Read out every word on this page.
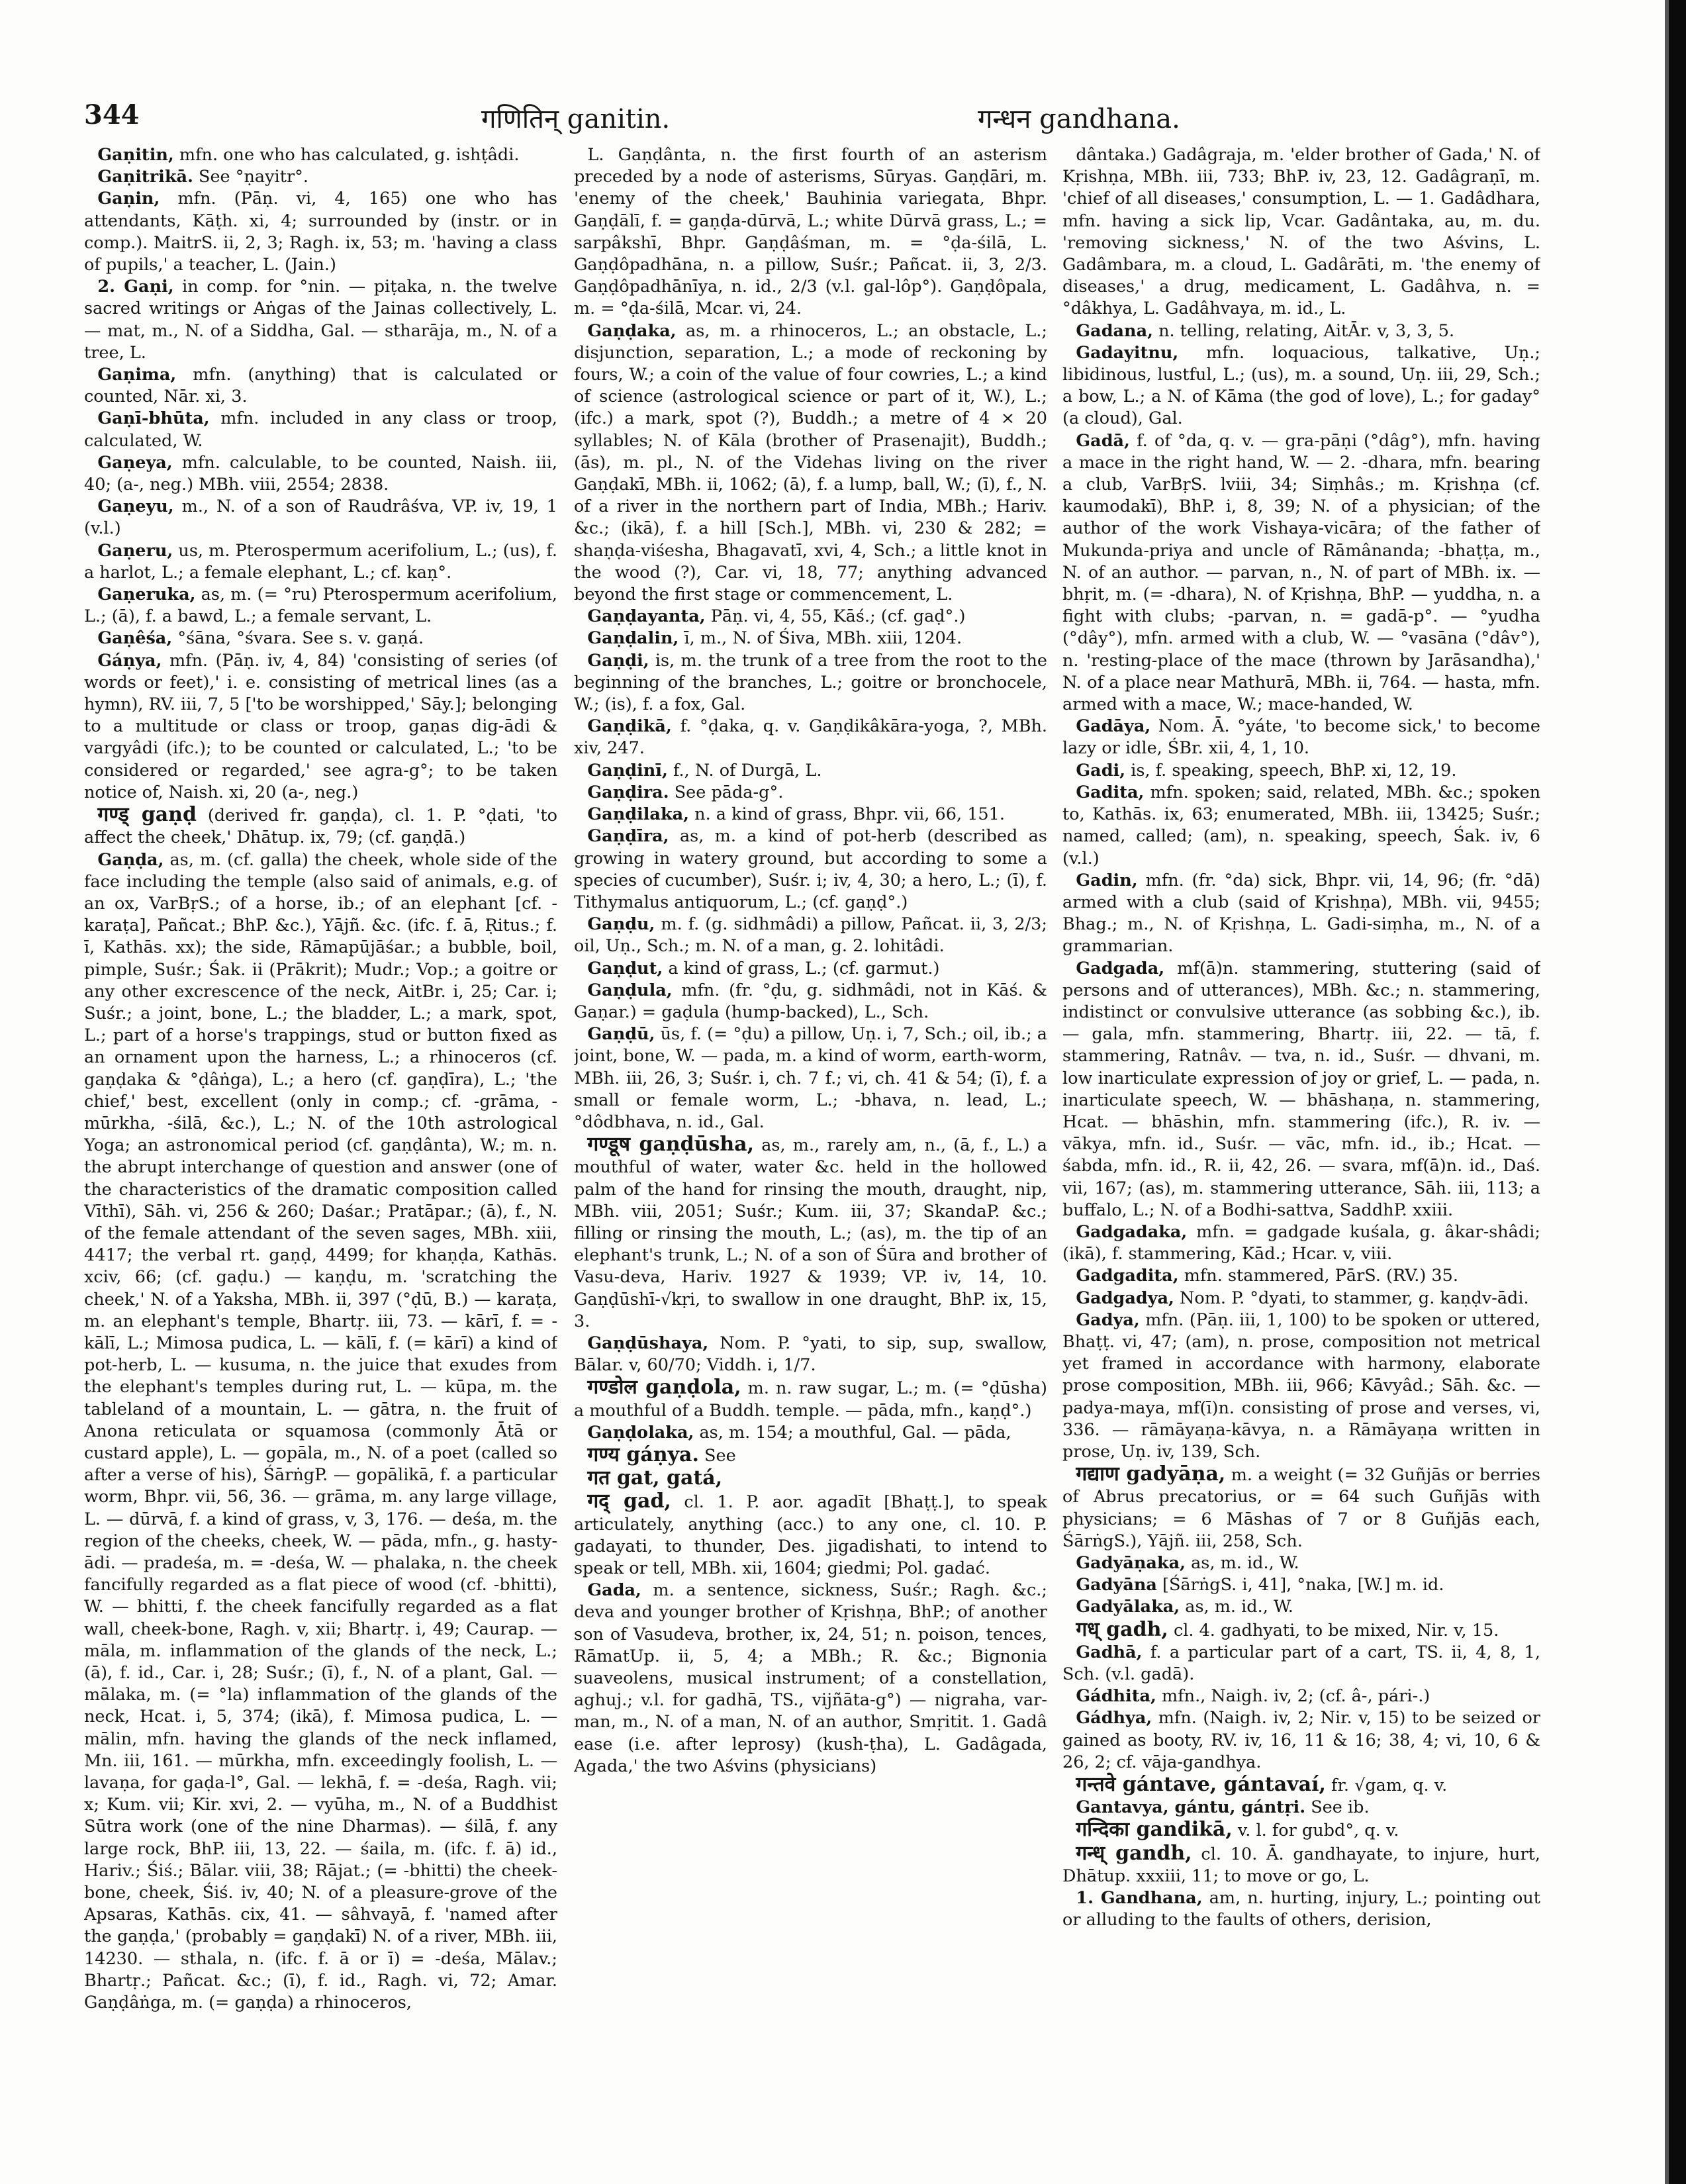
344	गणितिन् ganitin.	गन्धन gandhana.

Gaṇitin, mfn. one who has calculated, g. ishṭâdi.

Gaṇitrikā. See °ṇayitr°.

Gaṇin, mfn. (Pāṇ. vi, 4, 165) one who has attendants, Kāṭh. xi, 4; surrounded by (instr. or in comp.). MaitrS. ii, 2, 3; Ragh. ix, 53; m. 'having a class of pupils,' a teacher, L. (Jain.)

2. Gaṇi, in comp. for °nin. — piṭaka, n. the twelve sacred writings or Aṅgas of the Jainas collectively, L. — mat, m., N. of a Siddha, Gal. — stharāja, m., N. of a tree, L.

Gaṇima, mfn. (anything) that is calculated or counted, Nār. xi, 3.

Gaṇī-bhūta, mfn. included in any class or troop, calculated, W.

Gaṇeya, mfn. calculable, to be counted, Naish. iii, 40; (a-, neg.) MBh. viii, 2554; 2838.

Gaṇeyu, m., N. of a son of Raudrâśva, VP. iv, 19, 1 (v.l.)

Gaṇeru, us, m. Pterospermum acerifolium, L.; (us), f. a harlot, L.; a female elephant, L.; cf. kaṇ°.

Gaṇeruka, as, m. (= °ru) Pterospermum acerifolium, L.; (ā), f. a bawd, L.; a female servant, L.

Gaṇêśa, °śāna, °śvara. See s. v. gaṇá.

Gáṇya, mfn. (Pāṇ. iv, 4, 84) 'consisting of series (of words or feet),' i. e. consisting of metrical lines (as a hymn), RV. iii, 7, 5 ['to be worshipped,' Sāy.]; belonging to a multitude or class or troop, gaṇas dig-ādi & vargyâdi (ifc.); to be counted or calculated, L.; 'to be considered or regarded,' see agra-g°; to be taken notice of, Naish. xi, 20 (a-, neg.)

गण्ड् gaṇḍ (derived fr. gaṇḍa), cl. 1. P. °ḍati, 'to affect the cheek,' Dhātup. ix, 79; (cf. gaṇḍā.)

Gaṇḍa, as, m. (cf. galla) the cheek, whole side of the face including the temple (also said of animals, e.g. of an ox, VarBṛS.; of a horse, ib.; of an elephant [cf. -karaṭa], Pañcat.; BhP. &c.), Yājñ. &c. (ifc. f. ā, Ṛitus.; f. ī, Kathās. xx); the side, Rāmapūjāśar.; a bubble, boil, pimple, Suśr.; Śak. ii (Prākrit); Mudr.; Vop.; a goitre or any other excrescence of the neck, AitBr. i, 25; Car. i; Suśr.; a joint, bone, L.; the bladder, L.; a mark, spot, L.; part of a horse's trappings, stud or button fixed as an ornament upon the harness, L.; a rhinoceros (cf. gaṇḍaka & °ḍâṅga), L.; a hero (cf. gaṇḍīra), L.; 'the chief,' best, excellent (only in comp.; cf. -grāma, -mūrkha, -śilā, &c.), L.; N. of the 10th astrological Yoga; an astronomical period (cf. gaṇḍânta), W.; m. n. the abrupt interchange of question and answer (one of the characteristics of the dramatic composition called Vīthī), Sāh. vi, 256 & 260; Daśar.; Pratāpar.; (ā), f., N. of the female attendant of the seven sages, MBh. xiii, 4417; the verbal rt. gaṇḍ, 4499; for khaṇḍa, Kathās. xciv, 66; (cf. gaḍu.) — kaṇḍu, m. 'scratching the cheek,' N. of a Yaksha, MBh. ii, 397 (°ḍū, B.) — karaṭa, m. an elephant's temple, Bhartṛ. iii, 73. — kārī, f. = -kālī, L.; Mimosa pudica, L. — kālī, f. (= kārī) a kind of pot-herb, L. — kusuma, n. the juice that exudes from the elephant's temples during rut, L. — kūpa, m. the tableland of a mountain, L. — gātra, n. the fruit of Anona reticulata or squamosa (commonly Ātā or custard apple), L. — gopāla, m., N. of a poet (called so after a verse of his), ŚārṅgP. — gopālikā, f. a particular worm, Bhpr. vii, 56, 36. — grāma, m. any large village, L. — dūrvā, f. a kind of grass, v, 3, 176. — deśa, m. the region of the cheeks, cheek, W. — pāda, mfn., g. hasty-ādi. — pradeśa, m. = -deśa, W. — phalaka, n. the cheek fancifully regarded as a flat piece of wood (cf. -bhitti), W. — bhitti, f. the cheek fancifully regarded as a flat wall, cheek-bone, Ragh. v, xii; Bhartṛ. i, 49; Caurap. — māla, m. inflammation of the glands of the neck, L.; (ā), f. id., Car. i, 28; Suśr.; (ī), f., N. of a plant, Gal. — mālaka, m. (= °la) inflammation of the glands of the neck, Hcat. i, 5, 374; (ikā), f. Mimosa pudica, L. — mālin, mfn. having the glands of the neck inflamed, Mn. iii, 161. — mūrkha, mfn. exceedingly foolish, L. — lavaṇa, for gaḍa-l°, Gal. — lekhā, f. = -deśa, Ragh. vii; x; Kum. vii; Kir. xvi, 2. — vyūha, m., N. of a Buddhist Sūtra work (one of the nine Dharmas). — śilā, f. any large rock, BhP. iii, 13, 22. — śaila, m. (ifc. f. ā) id., Hariv.; Śiś.; Bālar. viii, 38; Rājat.; (= -bhitti) the cheek-bone, cheek, Śiś. iv, 40; N. of a pleasure-grove of the Apsaras, Kathās. cix, 41. — sâhvayā, f. 'named after the gaṇḍa,' (probably = gaṇḍakī) N. of a river, MBh. iii, 14230. — sthala, n. (ifc. f. ā or ī) = -deśa, Mālav.; Bhartṛ.; Pañcat. &c.; (ī), f. id., Ragh. vi, 72; Amar. Gaṇḍâṅga, m. (= gaṇḍa) a rhinoceros,

L. Gaṇḍânta, n. the first fourth of an asterism preceded by a node of asterisms, Sūryas. Gaṇḍāri, m. 'enemy of the cheek,' Bauhinia variegata, Bhpr. Gaṇḍālī, f. = gaṇḍa-dūrvā, L.; white Dūrvā grass, L.; = sarpâkshī, Bhpr. Gaṇḍâśman, m. = °ḍa-śilā, L. Gaṇḍôpadhāna, n. a pillow, Suśr.; Pañcat. ii, 3, 2/3. Gaṇḍôpadhānīya, n. id., 2/3 (v.l. gal-lôp°). Gaṇḍôpala, m. = °ḍa-śilā, Mcar. vi, 24.

Gaṇḍaka, as, m. a rhinoceros, L.; an obstacle, L.; disjunction, separation, L.; a mode of reckoning by fours, W.; a coin of the value of four cowries, L.; a kind of science (astrological science or part of it, W.), L.; (ifc.) a mark, spot (?), Buddh.; a metre of 4 × 20 syllables; N. of Kāla (brother of Prasenajit), Buddh.; (ās), m. pl., N. of the Videhas living on the river Gaṇḍakī, MBh. ii, 1062; (ā), f. a lump, ball, W.; (ī), f., N. of a river in the northern part of India, MBh.; Hariv. &c.; (ikā), f. a hill [Sch.], MBh. vi, 230 & 282; = shaṇḍa-viśesha, Bhagavatī, xvi, 4, Sch.; a little knot in the wood (?), Car. vi, 18, 77; anything advanced beyond the first stage or commencement, L.

Gaṇḍayanta, Pāṇ. vi, 4, 55, Kāś.; (cf. gaḍ°.)

Gaṇḍalin, ī, m., N. of Śiva, MBh. xiii, 1204.

Gaṇḍi, is, m. the trunk of a tree from the root to the beginning of the branches, L.; goitre or bronchocele, W.; (is), f. a fox, Gal.

Gaṇḍikā, f. °ḍaka, q. v. Gaṇḍikâkāra-yoga, ?, MBh. xiv, 247.

Gaṇḍinī, f., N. of Durgā, L.

Gaṇḍira. See pāda-g°.

Gaṇḍilaka, n. a kind of grass, Bhpr. vii, 66, 151.

Gaṇḍīra, as, m. a kind of pot-herb (described as growing in watery ground, but according to some a species of cucumber), Suśr. i; iv, 4, 30; a hero, L.; (ī), f. Tithymalus antiquorum, L.; (cf. gaṇḍ°.)

Gaṇḍu, m. f. (g. sidhmâdi) a pillow, Pañcat. ii, 3, 2/3; oil, Uṇ., Sch.; m. N. of a man, g. 2. lohitâdi.

Gaṇḍut, a kind of grass, L.; (cf. garmut.)

Gaṇḍula, mfn. (fr. °ḍu, g. sidhmâdi, not in Kāś. & Gaṇar.) = gaḍula (hump-backed), L., Sch.

Gaṇḍū, ūs, f. (= °ḍu) a pillow, Uṇ. i, 7, Sch.; oil, ib.; a joint, bone, W. — pada, m. a kind of worm, earth-worm, MBh. iii, 26, 3; Suśr. i, ch. 7 f.; vi, ch. 41 & 54; (ī), f. a small or female worm, L.; -bhava, n. lead, L.; °dôdbhava, n. id., Gal.

गण्डूष gaṇḍūsha, as, m., rarely am, n., (ā, f., L.) a mouthful of water, water &c. held in the hollowed palm of the hand for rinsing the mouth, draught, nip, MBh. viii, 2051; Suśr.; Kum. iii, 37; SkandaP. &c.; filling or rinsing the mouth, L.; (as), m. the tip of an elephant's trunk, L.; N. of a son of Śūra and brother of Vasu-deva, Hariv. 1927 & 1939; VP. iv, 14, 10. Gaṇḍūshī-√kṛi, to swallow in one draught, BhP. ix, 15, 3.

Gaṇḍūshaya, Nom. P. °yati, to sip, sup, swallow, Bālar. v, 60/70; Viddh. i, 1/7.

गण्डोल gaṇḍola, m. n. raw sugar, L.; m. (= °ḍūsha) a mouthful of a Buddh. temple. — pāda, mfn., kaṇḍ°.)

Gaṇḍolaka, as, m. 154; a mouthful, Gal. — pāda,

गण्य gáṇya. See

गत gat, gatá,

गद् gad, cl. 1. P. aor. agadīt [Bhaṭṭ.], to speak articulately, anything (acc.) to any one, cl. 10. P. gadayati, to thunder, Des. jigadishati, to intend to speak or tell, MBh. xii, 1604; giedmi; Pol. gadać.

Gada, m. a sentence, sickness, Suśr.; Ragh. &c.; deva and younger brother of Kṛishṇa, BhP.; of another son of Vasudeva, brother, ix, 24, 51; n. poison, tences, RāmatUp. ii, 5, 4; a MBh.; R. &c.; Bignonia suaveolens, musical instrument; of a constellation, aghuj.; v.l. for gadhā, TS., vijñāta-g°) — nigraha, var-man, m., N. of a man, N. of an author, Smṛitit. 1. Gadâ ease (i.e. after leprosy) (kush-ṭha), L. Gadâgada, Agada,' the two Aśvins (physicians)

dântaka.) Gadâgraja, m. 'elder brother of Gada,' N. of Kṛishṇa, MBh. iii, 733; BhP. iv, 23, 12. Gadâgraṇī, m. 'chief of all diseases,' consumption, L. — 1. Gadâdhara, mfn. having a sick lip, Vcar. Gadântaka, au, m. du. 'removing sickness,' N. of the two Aśvins, L. Gadâmbara, m. a cloud, L. Gadârāti, m. 'the enemy of diseases,' a drug, medicament, L. Gadâhva, n. = °dâkhya, L. Gadâhvaya, m. id., L.

Gadana, n. telling, relating, AitĀr. v, 3, 3, 5.

Gadayitnu, mfn. loquacious, talkative, Uṇ.; libidinous, lustful, L.; (us), m. a sound, Uṇ. iii, 29, Sch.; a bow, L.; a N. of Kāma (the god of love), L.; for gaday° (a cloud), Gal.

Gadā, f. of °da, q. v. — gra-pāṇi (°dâg°), mfn. having a mace in the right hand, W. — 2. -dhara, mfn. bearing a club, VarBṛS. lviii, 34; Siṃhâs.; m. Kṛishṇa (cf. kaumodakī), BhP. i, 8, 39; N. of a physician; of the author of the work Vishaya-vicāra; of the father of Mukunda-priya and uncle of Rāmânanda; -bhaṭṭa, m., N. of an author. — parvan, n., N. of part of MBh. ix. — bhṛit, m. (= -dhara), N. of Kṛishṇa, BhP. — yuddha, n. a fight with clubs; -parvan, n. = gadā-p°. — °yudha (°dây°), mfn. armed with a club, W. — °vasāna (°dâv°), n. 'resting-place of the mace (thrown by Jarāsandha),' N. of a place near Mathurā, MBh. ii, 764. — hasta, mfn. armed with a mace, W.; mace-handed, W.

Gadāya, Nom. Ā. °yáte, 'to become sick,' to become lazy or idle, ŚBr. xii, 4, 1, 10.

Gadi, is, f. speaking, speech, BhP. xi, 12, 19.

Gadita, mfn. spoken; said, related, MBh. &c.; spoken to, Kathās. ix, 63; enumerated, MBh. iii, 13425; Suśr.; named, called; (am), n. speaking, speech, Śak. iv, 6 (v.l.)

Gadin, mfn. (fr. °da) sick, Bhpr. vii, 14, 96; (fr. °dā) armed with a club (said of Kṛishṇa), MBh. vii, 9455; Bhag.; m., N. of Kṛishṇa, L. Gadi-siṃha, m., N. of a grammarian.

Gadgada, mf(ā)n. stammering, stuttering (said of persons and of utterances), MBh. &c.; n. stammering, indistinct or convulsive utterance (as sobbing &c.), ib. — gala, mfn. stammering, Bhartṛ. iii, 22. — tā, f. stammering, Ratnâv. — tva, n. id., Suśr. — dhvani, m. low inarticulate expression of joy or grief, L. — pada, n. inarticulate speech, W. — bhāshaṇa, n. stammering, Hcat. — bhāshin, mfn. stammering (ifc.), R. iv. — vākya, mfn. id., Suśr. — vāc, mfn. id., ib.; Hcat. — śabda, mfn. id., R. ii, 42, 26. — svara, mf(ā)n. id., Daś. vii, 167; (as), m. stammering utterance, Sāh. iii, 113; a buffalo, L.; N. of a Bodhi-sattva, SaddhP. xxiii.

Gadgadaka, mfn. = gadgade kuśala, g. âkar-shâdi; (ikā), f. stammering, Kād.; Hcar. v, viii.

Gadgadita, mfn. stammered, PārS. (RV.) 35.

Gadgadya, Nom. P. °dyati, to stammer, g. kaṇḍv-ādi.

Gadya, mfn. (Pāṇ. iii, 1, 100) to be spoken or uttered, Bhaṭṭ. vi, 47; (am), n. prose, composition not metrical yet framed in accordance with harmony, elaborate prose composition, MBh. iii, 966; Kāvyâd.; Sāh. &c. — padya-maya, mf(ī)n. consisting of prose and verses, vi, 336. — rāmāyaṇa-kāvya, n. a Rāmāyaṇa written in prose, Uṇ. iv, 139, Sch.

गद्याण gadyāṇa, m. a weight (= 32 Guñjās or berries of Abrus precatorius, or = 64 such Guñjās with physicians; = 6 Māshas of 7 or 8 Guñjās each, ŚārṅgS.), Yājñ. iii, 258, Sch.

Gadyāṇaka, as, m. id., W.

Gadyāna [ŚārṅgS. i, 41], °naka, [W.] m. id.

Gadyālaka, as, m. id., W.

गध् gadh, cl. 4. gadhyati, to be mixed, Nir. v, 15.

Gadhā, f. a particular part of a cart, TS. ii, 4, 8, 1, Sch. (v.l. gadā).

Gádhita, mfn., Naigh. iv, 2; (cf. â-, pári-.)

Gádhya, mfn. (Naigh. iv, 2; Nir. v, 15) to be seized or gained as booty, RV. iv, 16, 11 & 16; 38, 4; vi, 10, 6 & 26, 2; cf. vāja-gandhya.

गन्तवे gántave, gántavaí, fr. √gam, q. v.

Gantavya, gántu, gántṛi. See ib.

गन्दिका gandikā, v. l. for gubd°, q. v.

गन्ध् gandh, cl. 10. Ā. gandhayate, to injure, hurt, Dhātup. xxxiii, 11; to move or go, L.

1. Gandhana, am, n. hurting, injury, L.; pointing out or alluding to the faults of others, derision,
